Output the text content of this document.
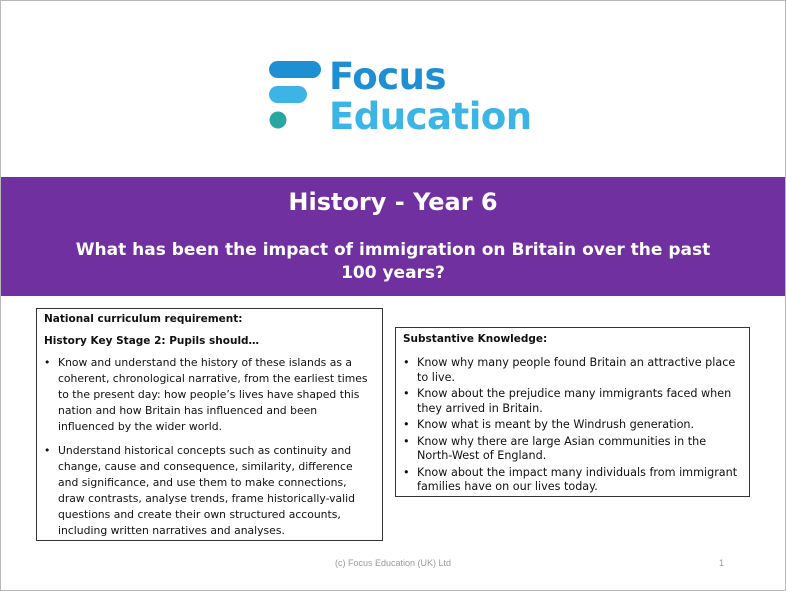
Focus
Education
History - Year 6
What has been the impact of immigration on Britain over the past 100 years?
National curriculum requirement:
History Key Stage 2: Pupils should…
• Know and understand the history of these islands as a coherent, chronological narrative, from the earliest times to the present day: how people’s lives have shaped this nation and how Britain has influenced and been influenced by the wider world.
• Understand historical concepts such as continuity and change, cause and consequence, similarity, difference and significance, and use them to make connections, draw contrasts, analyse trends, frame historically-valid questions and create their own structured accounts, including written narratives and analyses.
Substantive Knowledge:
• Know why many people found Britain an attractive place to live.
• Know about the prejudice many immigrants faced when they arrived in Britain.
• Know what is meant by the Windrush generation.
• Know why there are large Asian communities in the North-West of England.
• Know about the impact many individuals from immigrant families have on our lives today.
(c) Focus Education (UK) Ltd	1
